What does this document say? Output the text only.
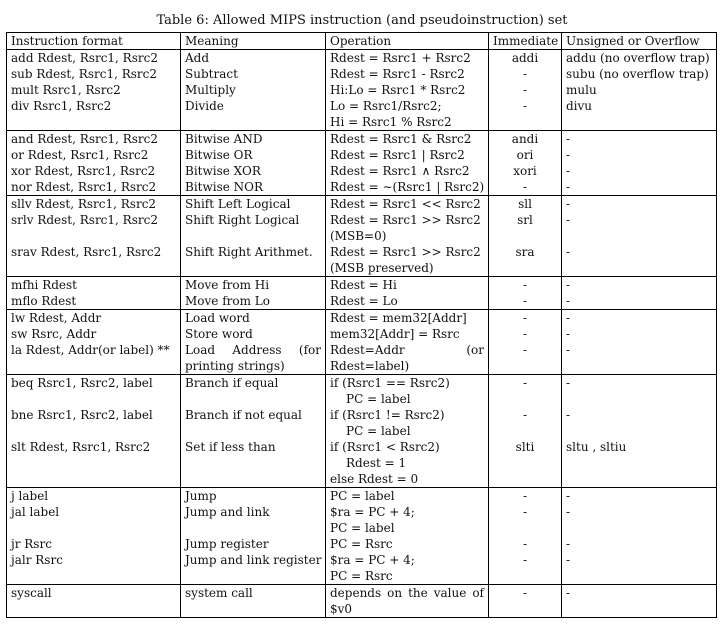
Table 6: Allowed MIPS instruction (and pseudoinstruction) set
Instruction format	Meaning	Operation	Immediate	Unsigned or Overflow

add Rdest, Rsrc1, Rsrc2	Add	Rdest = Rsrc1 + Rsrc2	addi	addu (no overflow trap)

sub Rdest, Rsrc1, Rsrc2	Subtract	Rdest = Rsrc1 - Rsrc2	-	subu (no overflow trap)

mult Rsrc1, Rsrc2	Multiply	Hi:Lo = Rsrc1 * Rsrc2	-	mulu

div Rsrc1, Rsrc2	Divide	Lo = Rsrc1/Rsrc2;
Hi = Rsrc1 % Rsrc2	-	divu

and Rdest, Rsrc1, Rsrc2	Bitwise AND	Rdest = Rsrc1 & Rsrc2	andi	-

or Rdest, Rsrc1, Rsrc2	Bitwise OR	Rdest = Rsrc1 | Rsrc2	ori	-

xor Rdest, Rsrc1, Rsrc2	Bitwise XOR	Rdest = Rsrc1 ∧ Rsrc2	xori	-

nor Rdest, Rsrc1, Rsrc2	Bitwise NOR	Rdest = ∼(Rsrc1 | Rsrc2)	-	-

sllv Rdest, Rsrc1, Rsrc2	Shift Left Logical	Rdest = Rsrc1 << Rsrc2	sll	-

srlv Rdest, Rsrc1, Rsrc2	Shift Right Logical	Rdest = Rsrc1 >> Rsrc2
(MSB=0)	srl	-

srav Rdest, Rsrc1, Rsrc2	Shift Right Arithmet.	Rdest = Rsrc1 >> Rsrc2
(MSB preserved)	sra	-

mfhi Rdest	Move from Hi	Rdest = Hi	-	-

mflo Rdest	Move from Lo	Rdest = Lo	-	-

lw Rdest, Addr	Load word	Rdest = mem32[Addr]	-	-

sw Rsrc, Addr	Store word	mem32[Addr] = Rsrc	-	-

la Rdest, Addr(or label) **	Load Address (for
printing strings)	Rdest=Addr (or
Rdest=label)	-	-

beq Rsrc1, Rsrc2, label	Branch if equal	if (Rsrc1 == Rsrc2)
PC = label	-	-

bne Rsrc1, Rsrc2, label	Branch if not equal	if (Rsrc1 != Rsrc2)
PC = label	-	-

slt Rdest, Rsrc1, Rsrc2	Set if less than	if (Rsrc1 < Rsrc2)
Rdest = 1
else Rdest = 0	slti	sltu , sltiu

j label	Jump	PC = label	-	-

jal label	Jump and link	$ra = PC + 4;
PC = label	-	-

jr Rsrc	Jump register	PC = Rsrc	-	-

jalr Rsrc	Jump and link register	$ra = PC + 4;
PC = Rsrc	-	-

syscall	system call	depends on the value of
$v0	-	-
